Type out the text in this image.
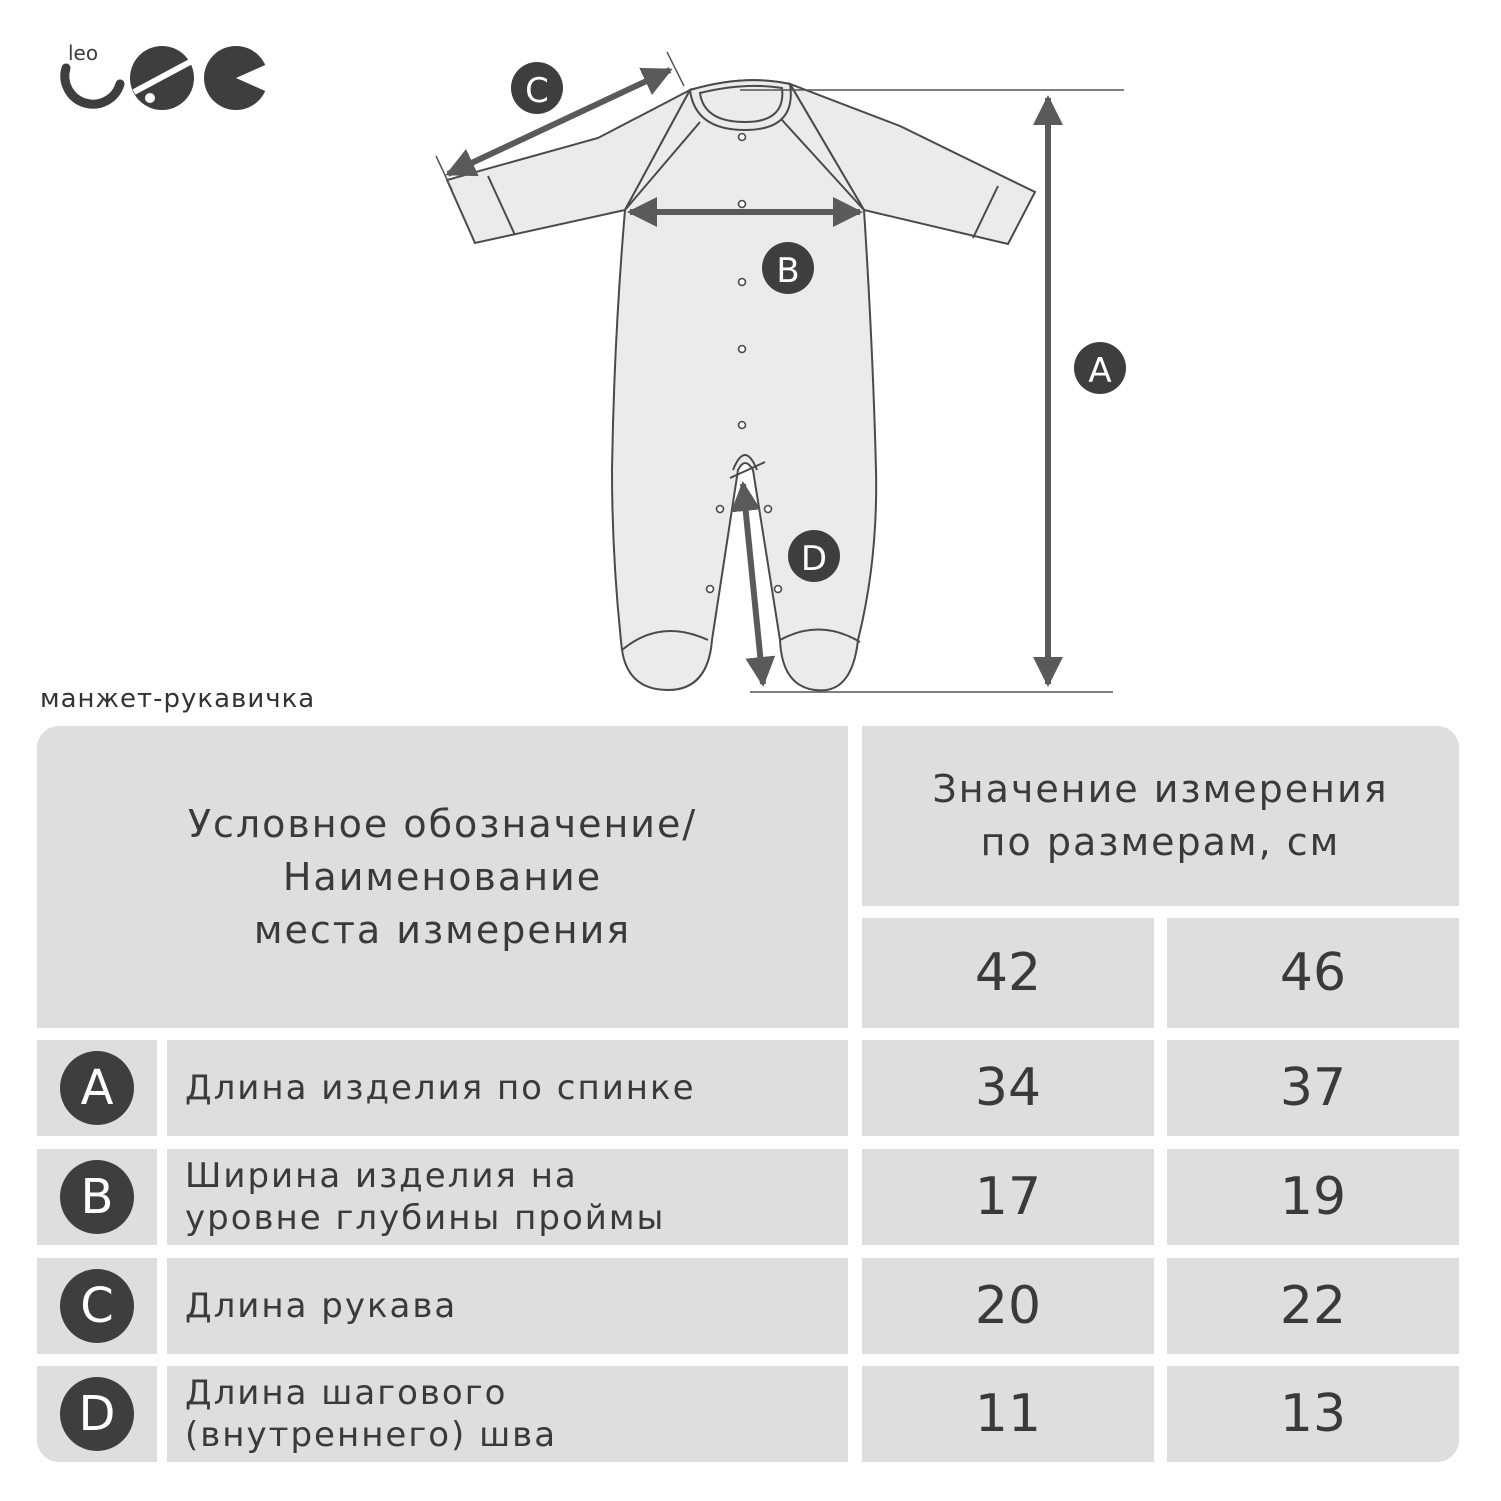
leo
A
B
C
D
манжет-рукавичка
Условное обозначение/
Наименование
места измерения
Значение измерения
по размерам, см
42	46
A	Длина изделия по спинке	34	37
B	Ширина изделия на
уровне глубины проймы	17	19
C	Длина рукава	20	22
D	Длина шагового
(внутреннего) шва	11	13
